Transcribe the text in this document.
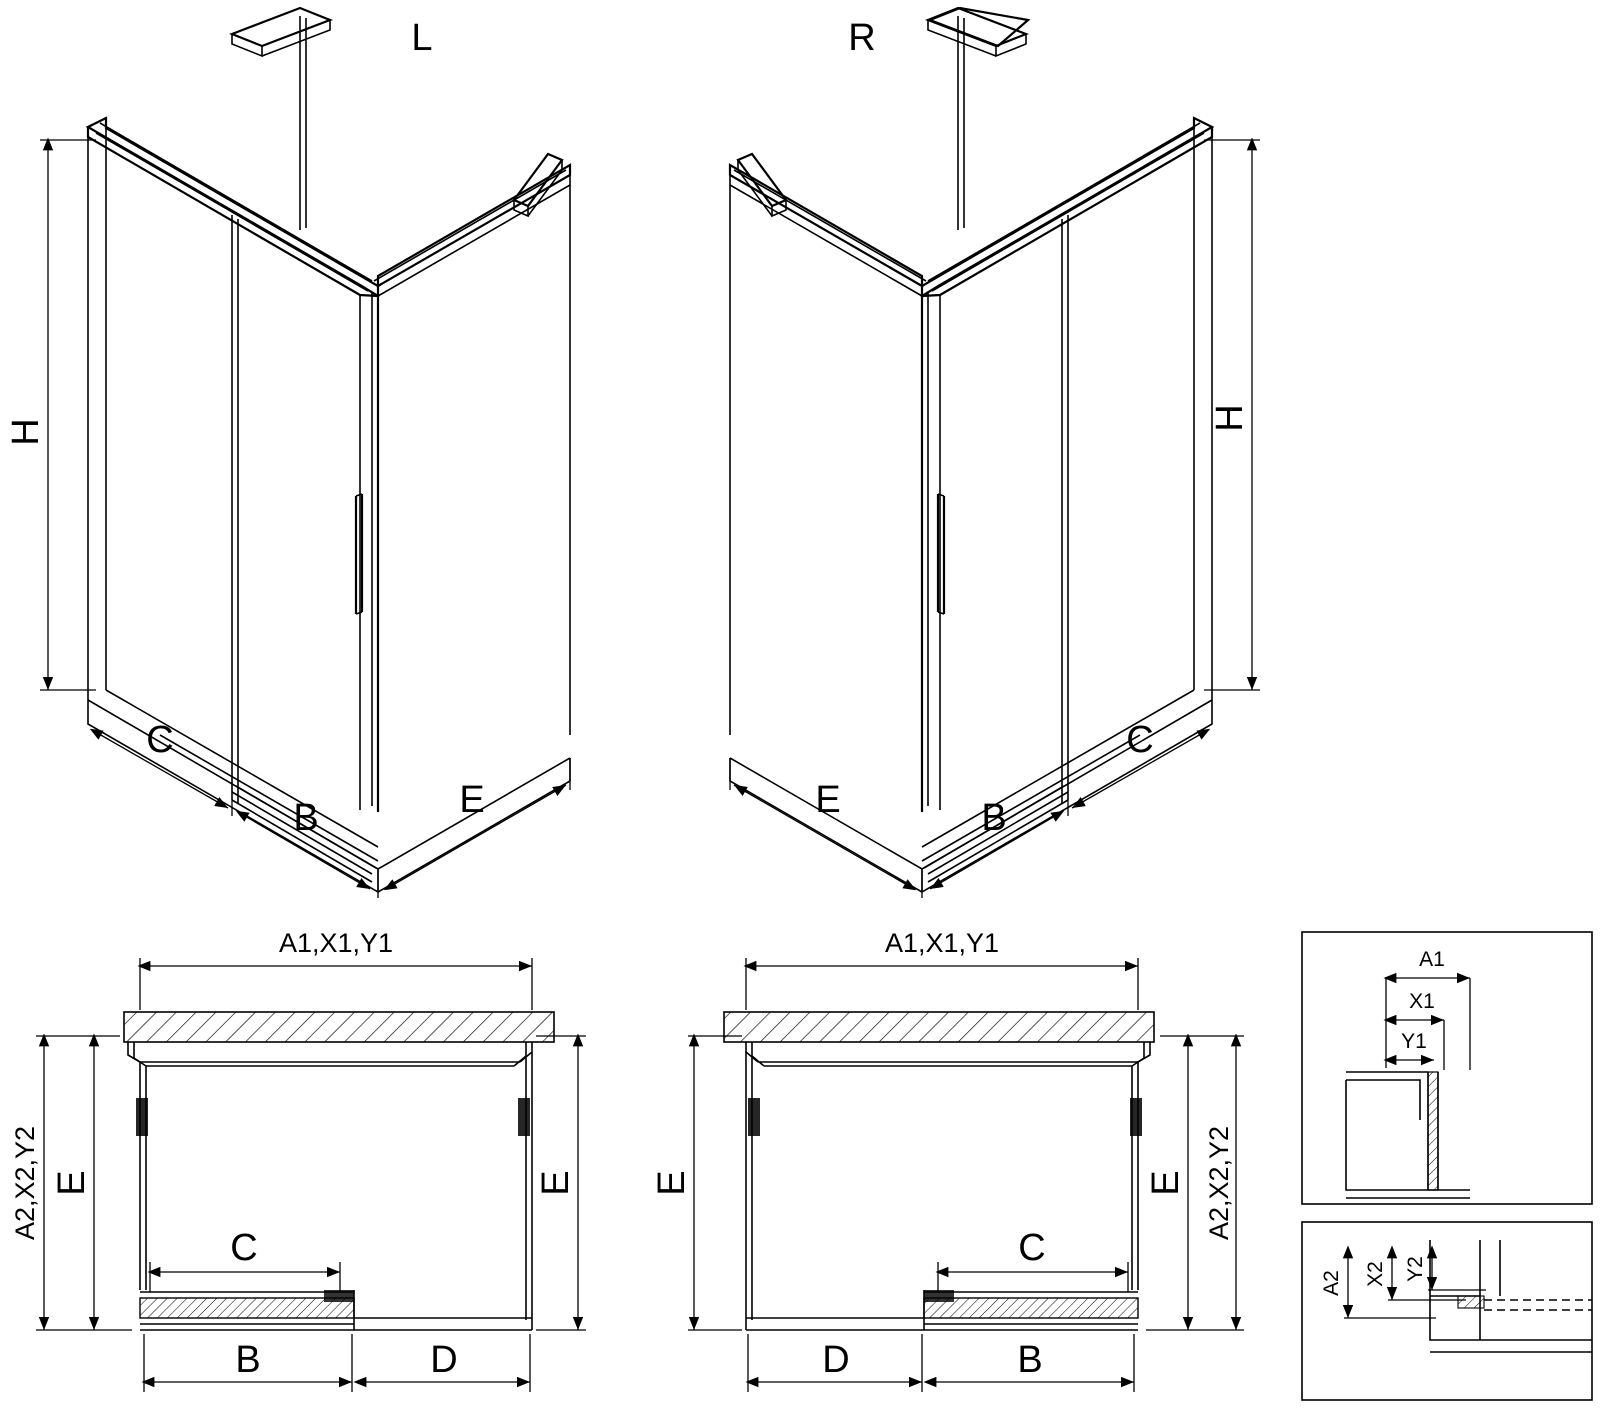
H
C
B	E
L
H
C
B
E
R
A1,X1,Y1
A2,X2,Y2 E	E
C
B	D
A1,X1,Y1
A2,X2,Y2
E
E
C
D	B
A1
X1
Y1
A2 X2 Y2
